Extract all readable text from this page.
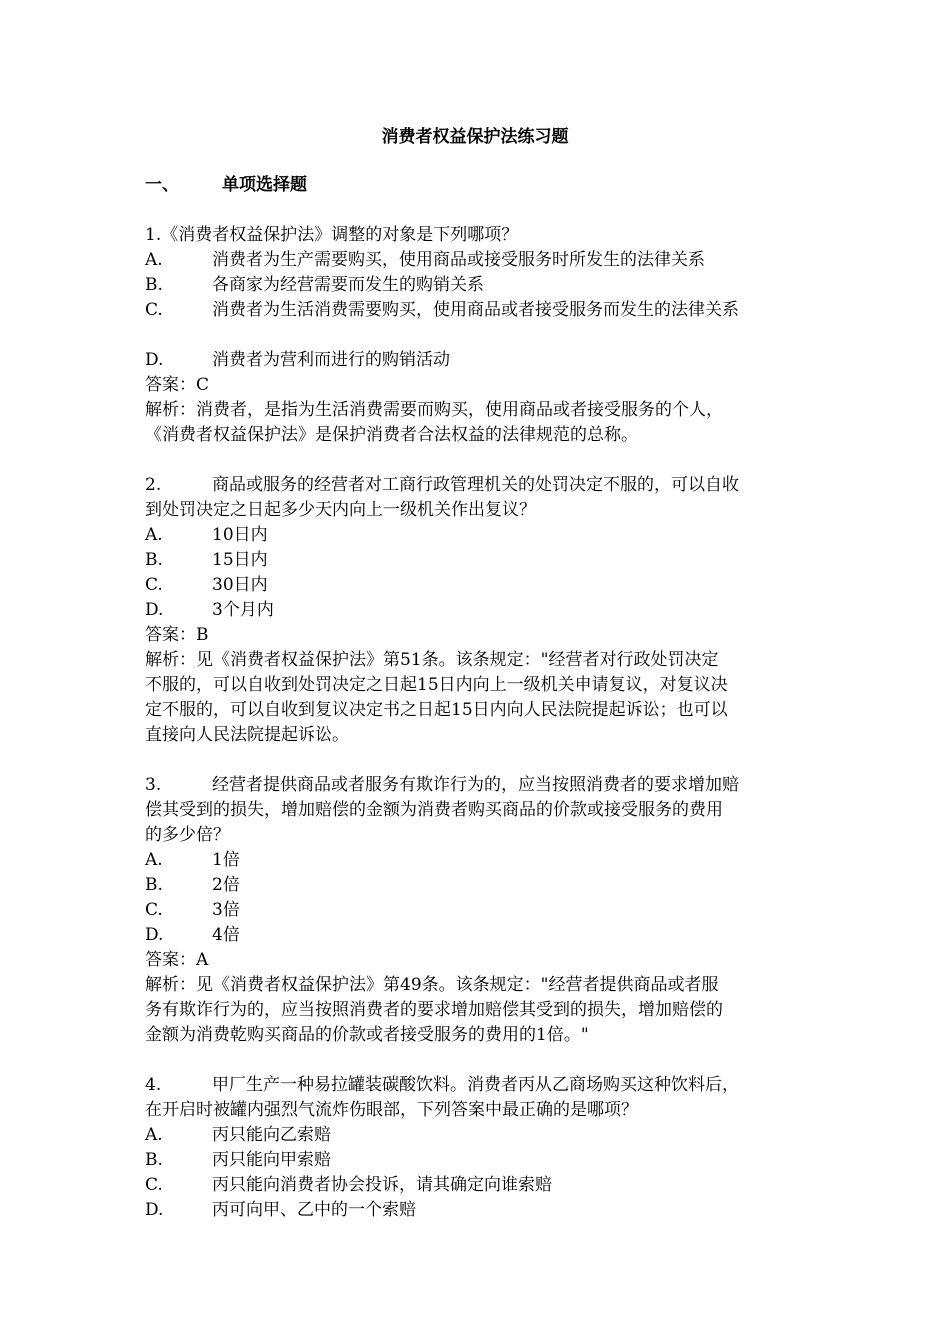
消费者权益保护法练习题
一、	单项选择题
1.《消费者权益保护法》调整的对象是下列哪项？
A.	消费者为生产需要购买，使用商品或接受服务时所发生的法律关系
B.	各商家为经营需要而发生的购销关系
C.	消费者为生活消费需要购买，使用商品或者接受服务而发生的法律关系
D.	消费者为营利而进行的购销活动
答案：C
解析：消费者，是指为生活消费需要而购买，使用商品或者接受服务的个人，
《消费者权益保护法》是保护消费者合法权益的法律规范的总称。
2.	商品或服务的经营者对工商行政管理机关的处罚决定不服的，可以自收
到处罚决定之日起多少天内向上一级机关作出复议？
A.	10日内
B.	15日内
C.	30日内
D.	3个月内
答案：B
解析：见《消费者权益保护法》第51条。该条规定："经营者对行政处罚决定
不服的，可以自收到处罚决定之日起15日内向上一级机关申请复议，对复议决
定不服的，可以自收到复议决定书之日起15日内向人民法院提起诉讼；也可以
直接向人民法院提起诉讼。
3.	经营者提供商品或者服务有欺诈行为的，应当按照消费者的要求增加赔
偿其受到的损失，增加赔偿的金额为消费者购买商品的价款或接受服务的费用
的多少倍？
A.	1倍
B.	2倍
C.	3倍
D.	4倍
答案：A
解析：见《消费者权益保护法》第49条。该条规定："经营者提供商品或者服
务有欺诈行为的，应当按照消费者的要求增加赔偿其受到的损失，增加赔偿的
金额为消费乾购买商品的价款或者接受服务的费用的1倍。"
4.	甲厂生产一种易拉罐装碳酸饮料。消费者丙从乙商场购买这种饮料后，
在开启时被罐内强烈气流炸伤眼部，下列答案中最正确的是哪项？
A.	丙只能向乙索赔
B.	丙只能向甲索赔
C.	丙只能向消费者协会投诉，请其确定向谁索赔
D.	丙可向甲、乙中的一个索赔
